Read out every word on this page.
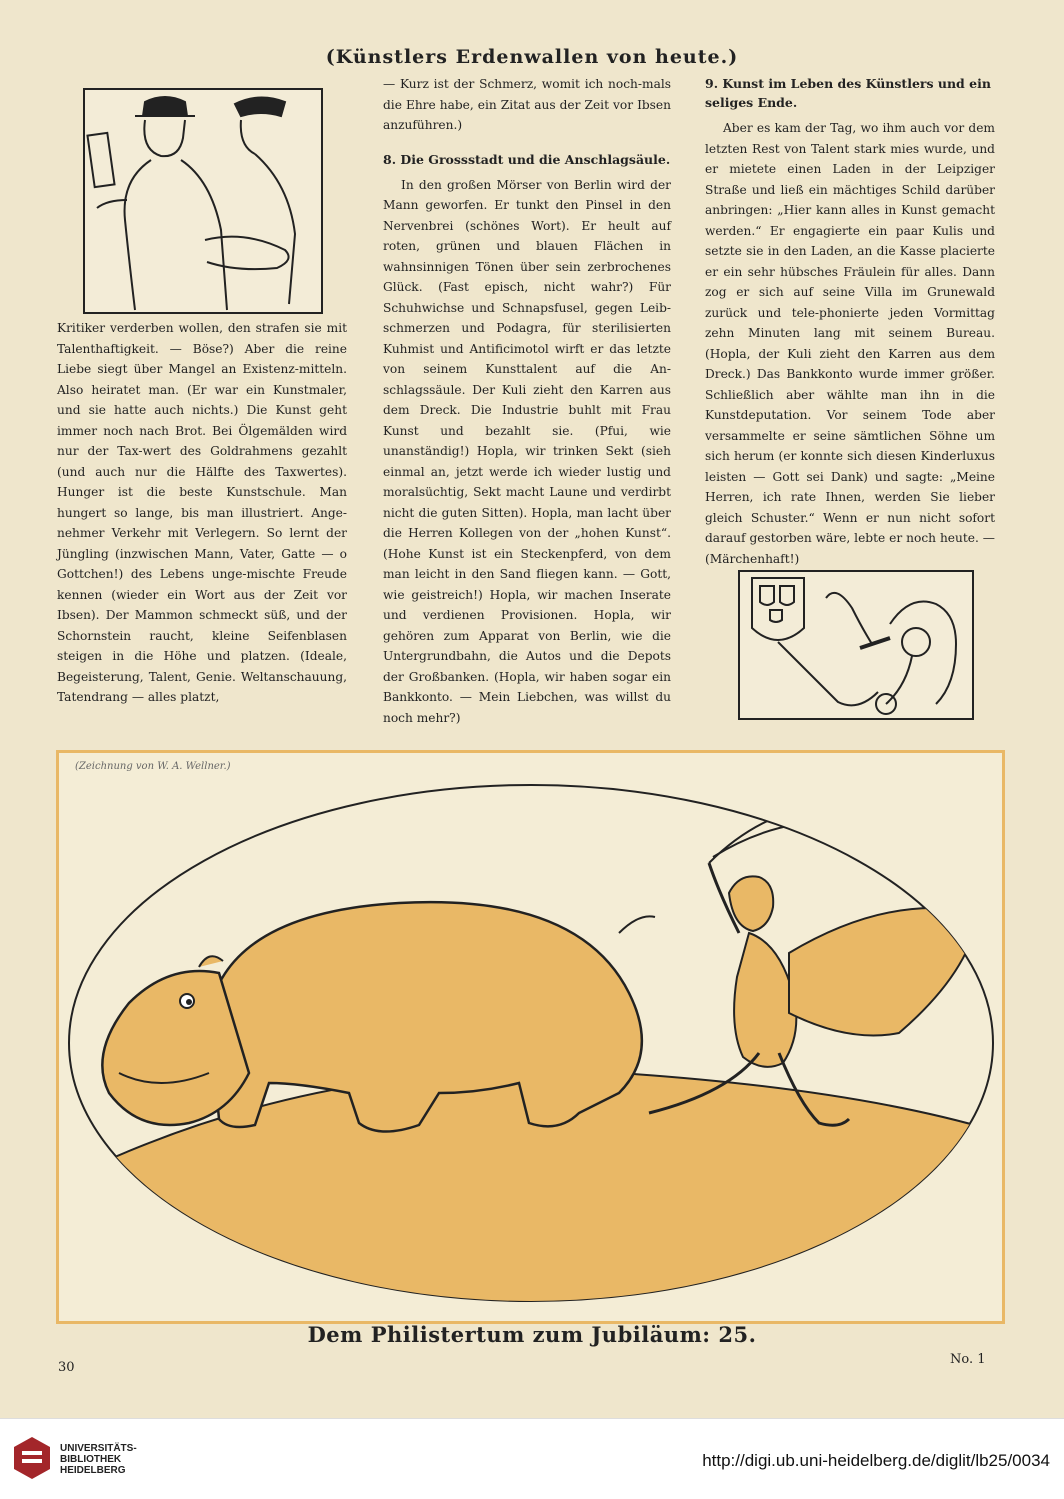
(Künstlers Erdenwallen von heute.)

Kritiker verderben wollen, den strafen sie mit Talenthaftigkeit. — Böse?) Aber die reine Liebe siegt über Mangel an Existenz-mitteln. Also heiratet man. (Er war ein Kunstmaler, und sie hatte auch nichts.) Die Kunst geht immer noch nach Brot. Bei Ölgemälden wird nur der Tax-wert des Goldrahmens gezahlt (und auch nur die Hälfte des Taxwertes). Hunger ist die beste Kunstschule. Man hungert so lange, bis man illustriert. Ange-nehmer Verkehr mit Verlegern. So lernt der Jüngling (inzwischen Mann, Vater, Gatte — o Gottchen!) des Lebens unge-mischte Freude kennen (wieder ein Wort aus der Zeit vor Ibsen). Der Mammon schmeckt süß, und der Schornstein raucht, kleine Seifenblasen steigen in die Höhe und platzen. (Ideale, Begeisterung, Talent, Genie. Weltanschauung, Tatendrang — alles platzt,

— Kurz ist der Schmerz, womit ich noch-mals die Ehre habe, ein Zitat aus der Zeit vor Ibsen anzuführen.)

8. Die Grossstadt und die Anschlagsäule.

In den großen Mörser von Berlin wird der Mann geworfen. Er tunkt den Pinsel in den Nervenbrei (schönes Wort). Er heult auf roten, grünen und blauen Flächen in wahnsinnigen Tönen über sein zerbrochenes Glück. (Fast episch, nicht wahr?) Für Schuhwichse und Schnapsfusel, gegen Leib-schmerzen und Podagra, für sterilisierten Kuhmist und Antificimotol wirft er das letzte von seinem Kunsttalent auf die An-schlagssäule. Der Kuli zieht den Karren aus dem Dreck. Die Industrie buhlt mit Frau Kunst und bezahlt sie. (Pfui, wie unanständig!) Hopla, wir trinken Sekt (sieh einmal an, jetzt werde ich wieder lustig und moralsüchtig, Sekt macht Laune und verdirbt nicht die guten Sitten). Hopla, man lacht über die Herren Kollegen von der „hohen Kunst“. (Hohe Kunst ist ein Steckenpferd, von dem man leicht in den Sand fliegen kann. — Gott, wie geistreich!) Hopla, wir machen Inserate und verdienen Provisionen. Hopla, wir gehören zum Apparat von Berlin, wie die Untergrundbahn, die Autos und die Depots der Großbanken. (Hopla, wir haben sogar ein Bankkonto. — Mein Liebchen, was willst du noch mehr?)

9. Kunst im Leben des Künstlers und ein seliges Ende.

Aber es kam der Tag, wo ihm auch vor dem letzten Rest von Talent stark mies wurde, und er mietete einen Laden in der Leipziger Straße und ließ ein mächtiges Schild darüber anbringen: „Hier kann alles in Kunst gemacht werden.“ Er engagierte ein paar Kulis und setzte sie in den Laden, an die Kasse placierte er ein sehr hübsches Fräulein für alles. Dann zog er sich auf seine Villa im Grunewald zurück und tele-phonierte jeden Vormittag zehn Minuten lang mit seinem Bureau. (Hopla, der Kuli zieht den Karren aus dem Dreck.) Das Bankkonto wurde immer größer. Schließlich aber wählte man ihn in die Kunstdeputation. Vor seinem Tode aber versammelte er seine sämtlichen Söhne um sich herum (er konnte sich diesen Kinderluxus leisten — Gott sei Dank) und sagte: „Meine Herren, ich rate Ihnen, werden Sie lieber gleich Schuster.“ Wenn er nun nicht sofort darauf gestorben wäre, lebte er noch heute. — (Märchenhaft!)

(Zeichnung von W. A. Wellner.)
Dem Philistertum zum Jubiläum: 25.
30
No. 1
UNIVERSITÄTS-
BIBLIOTHEK
HEIDELBERG
http://digi.ub.uni-heidelberg.de/diglit/lb25/0034
